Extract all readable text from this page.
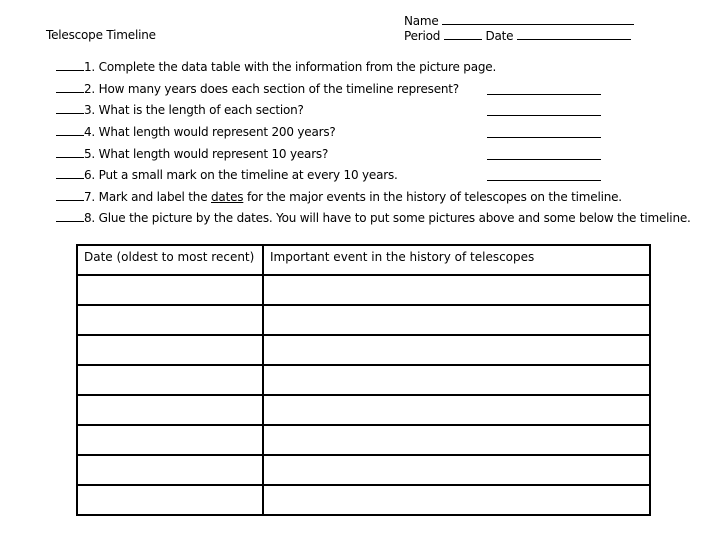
Telescope Timeline
Name
Period	Date
1. Complete the data table with the information from the picture page.
2. How many years does each section of the timeline represent?
3. What is the length of each section?
4. What length would represent 200 years?
5. What length would represent 10 years?
6. Put a small mark on the timeline at every 10 years.
7. Mark and label the dates for the major events in the history of telescopes on the timeline.
8. Glue the picture by the dates. You will have to put some pictures above and some below the timeline.
Date (oldest to most recent)	Important event in the history of telescopes
